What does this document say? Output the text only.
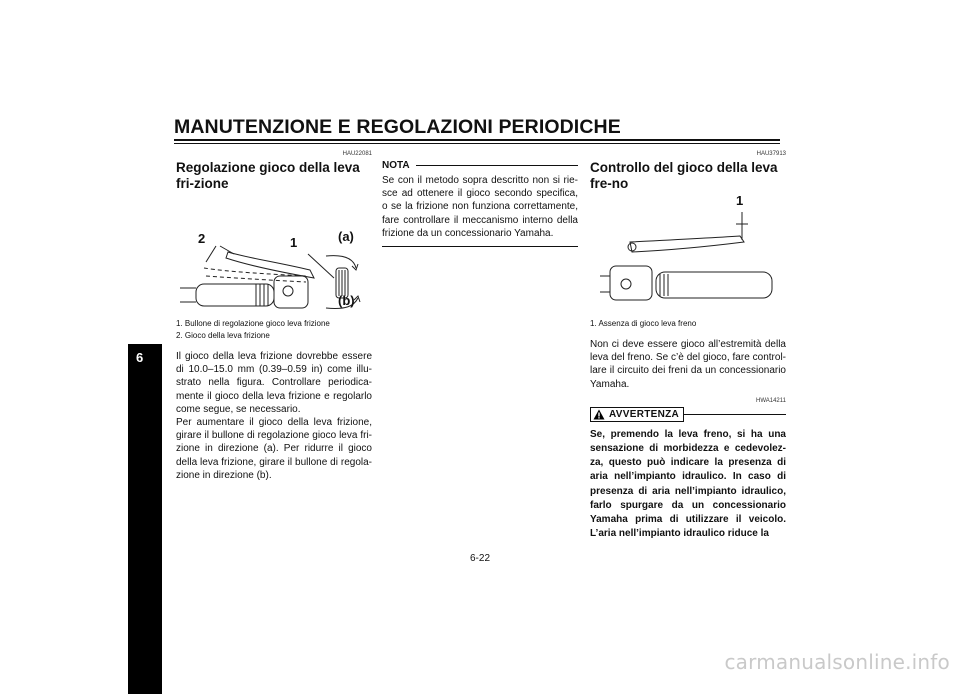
MANUTENZIONE E REGOLAZIONI PERIODICHE
6
HAU22081
Regolazione gioco della leva fri-zione
2	1	(a)
(b)
1. Bullone di regolazione gioco leva frizione
2. Gioco della leva frizione

Il gioco della leva frizione dovrebbe essere di 10.0–15.0 mm (0.39–0.59 in) come illu-strato nella figura. Controllare periodica-mente il gioco della leva frizione e regolarlo come segue, se necessario.

Per aumentare il gioco della leva frizione, girare il bullone di regolazione gioco leva fri-zione in direzione (a). Per ridurre il gioco della leva frizione, girare il bullone di regola-zione in direzione (b).

NOTA
Se con il metodo sopra descritto non si rie-sce ad ottenere il gioco secondo specifica, o se la frizione non funziona correttamente, fare controllare il meccanismo interno della frizione da un concessionario Yamaha.
HAU37913
Controllo del gioco della leva fre-no
1
1. Assenza di gioco leva freno
Non ci deve essere gioco all’estremità della leva del freno. Se c’è del gioco, fare control-lare il circuito dei freni da un concessionario Yamaha.
HWA14211
AVVERTENZA
Se, premendo la leva freno, si ha una sensazione di morbidezza e cedevolez-za, questo può indicare la presenza di aria nell’impianto idraulico. In caso di presenza di aria nell’impianto idraulico, farlo spurgare da un concessionario Yamaha prima di utilizzare il veicolo. L’aria nell’impianto idraulico riduce la
6-22
carmanualsonline.info
